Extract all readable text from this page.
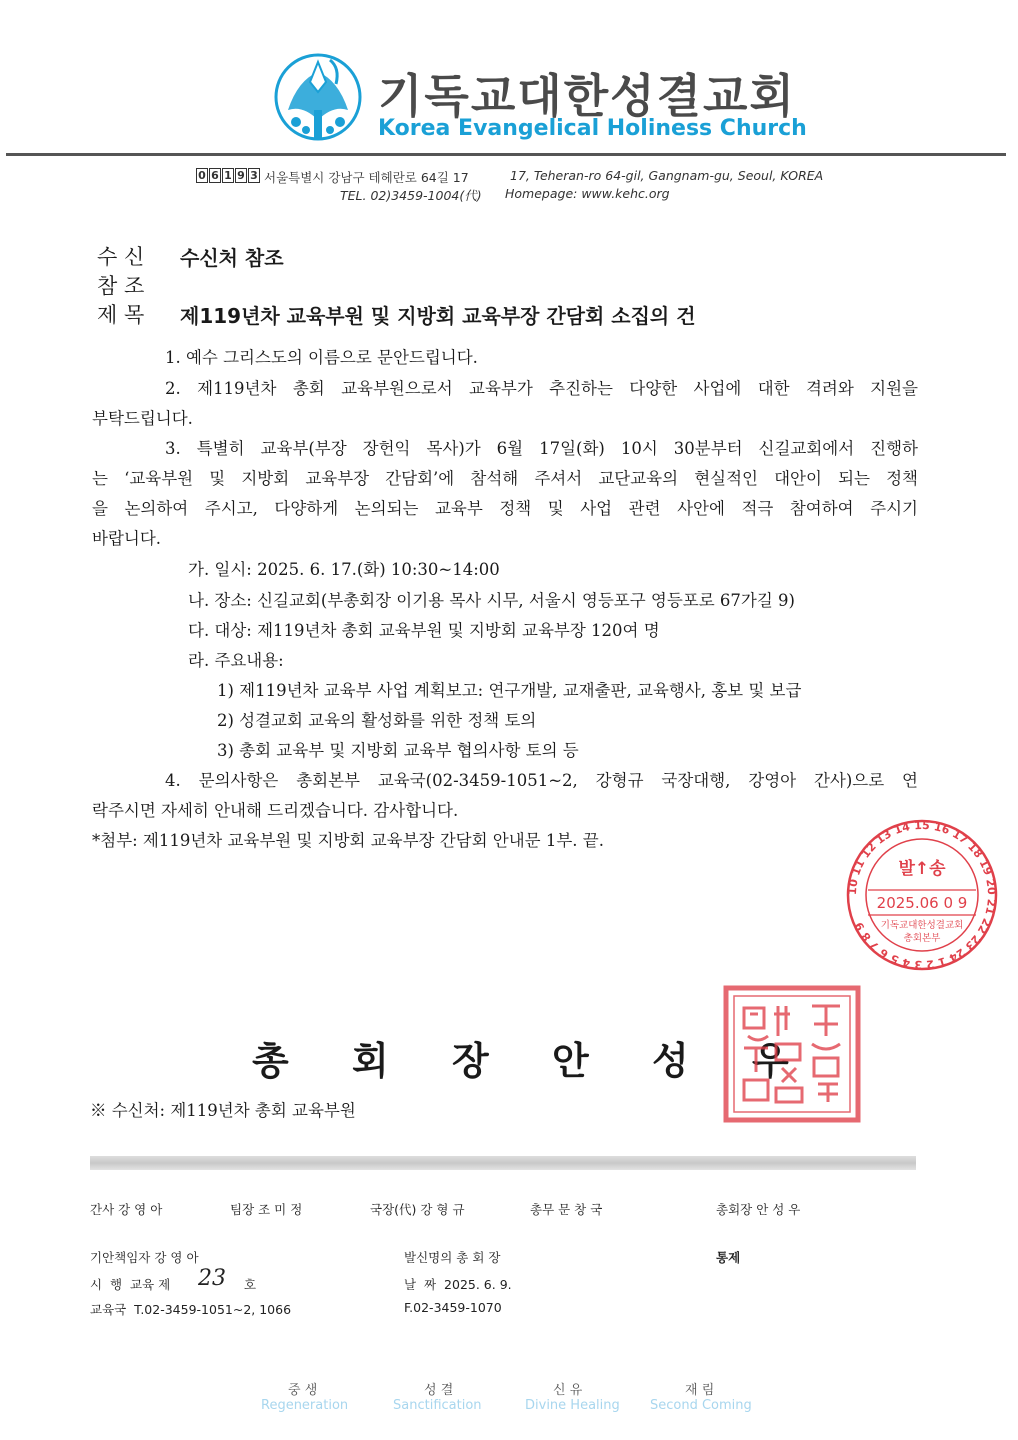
기독교대한성결교회
Korea Evangelical Holiness Church
0 6 1 9 3 서울특별시 강남구 테헤란로 64길 17	17, Teheran-ro 64-gil, Gangnam-gu, Seoul, KOREA
TEL. 02)3459-1004(代) Homepage: www.kehc.org
수 신 수신처 참조
참 조
제 목 제119년차 교육부원 및 지방회 교육부장 간담회 소집의 건
1. 예수 그리스도의 이름으로 문안드립니다.
2. 제119년차 총회 교육부원으로서 교육부가 추진하는 다양한 사업에 대한 격려와 지원을
부탁드립니다.
3. 특별히 교육부(부장 장헌익 목사)가 6월 17일(화) 10시 30분부터 신길교회에서 진행하
는 ‘교육부원 및 지방회 교육부장 간담회’에 참석해 주셔서 교단교육의 현실적인 대안이 되는 정책
을 논의하여 주시고, 다양하게 논의되는 교육부 정책 및 사업 관련 사안에 적극 참여하여 주시기
바랍니다.
가. 일시: 2025. 6. 17.(화) 10:30~14:00
나. 장소: 신길교회(부총회장 이기용 목사 시무, 서울시 영등포구 영등포로 67가길 9)
다. 대상: 제119년차 총회 교육부원 및 지방회 교육부장 120여 명
라. 주요내용:
1) 제119년차 교육부 사업 계획보고: 연구개발, 교재출판, 교육행사, 홍보 및 보급
2) 성결교회 교육의 활성화를 위한 정책 토의
3) 총회 교육부 및 지방회 교육부 협의사항 토의 등
4. 문의사항은 총회본부 교육국(02-3459-1051~2, 강형규 국장대행, 강영아 간사)으로 연
락주시면 자세히 안내해 드리겠습니다. 감사합니다.
*첨부: 제119년차 교육부원 및 지방회 교육부장 간담회 안내문 1부. 끝.
10 11 12 13 14 15 16 17 18 19 20 21 22 23 24 1 2 3 4 5 6 7 8 9
발↑송
2025.06 0 9
기독교대한성결교회
총회본부
총 회 장 안 성 우
※ 수신처: 제119년차 총회 교육부원
간사 강 영 아	팀장 조 미 정	국장(代) 강 형 규	총무 문 창 국	총회장 안 성 우
기안책임자 강 영 아	발신명의 총 회 장	통제
시  행  교육 제 23 호	날  짜  2025. 6. 9.
교육국  T.02-3459-1051~2, 1066	F.02-3459-1070
중 생
Regeneration
성 결
Sanctification
신 유
Divine Healing
재 림
Second Coming
